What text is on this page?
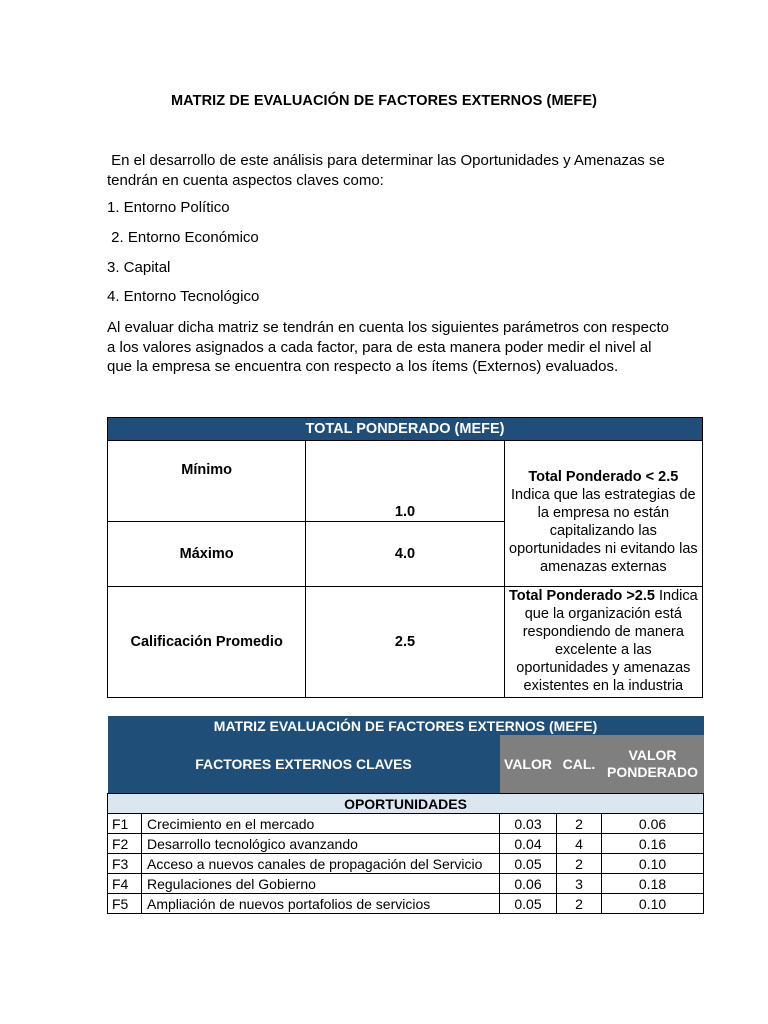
MATRIZ DE EVALUACIÓN DE FACTORES EXTERNOS (MEFE)
En el desarrollo de este análisis para determinar las Oportunidades y Amenazas se
tendrán en cuenta aspectos claves como:
1. Entorno Político
2. Entorno Económico
3. Capital
4. Entorno Tecnológico
Al evaluar dicha matriz se tendrán en cuenta los siguientes parámetros con respecto
a los valores asignados a cada factor, para de esta manera poder medir el nivel al
que la empresa se encuentra con respecto a los ítems (Externos) evaluados.
TOTAL PONDERADO (MEFE)		
Mínimo	1.0	Total Ponderado < 2.5 Indica que las estrategias de la empresa no están capitalizando las oportunidades ni evitando las amenazas externas
Máximo	4.0	
Calificación Promedio	2.5	Total Ponderado >2.5 Indica que la organización está respondiendo de manera excelente a las oportunidades y amenazas existentes en la industria
MATRIZ EVALUACIÓN DE FACTORES EXTERNOS (MEFE)				
FACTORES EXTERNOS CLAVES		VALOR	CAL.	VALOR
PONDERADO

OPORTUNIDADES				
F1	Crecimiento en el mercado	0.03	2	0.06
F2	Desarrollo tecnológico avanzando	0.04	4	0.16
F3	Acceso a nuevos canales de propagación del Servicio	0.05	2	0.10
F4	Regulaciones del Gobierno	0.06	3	0.18
F5	Ampliación de nuevos portafolios de servicios	0.05	2	0.10
